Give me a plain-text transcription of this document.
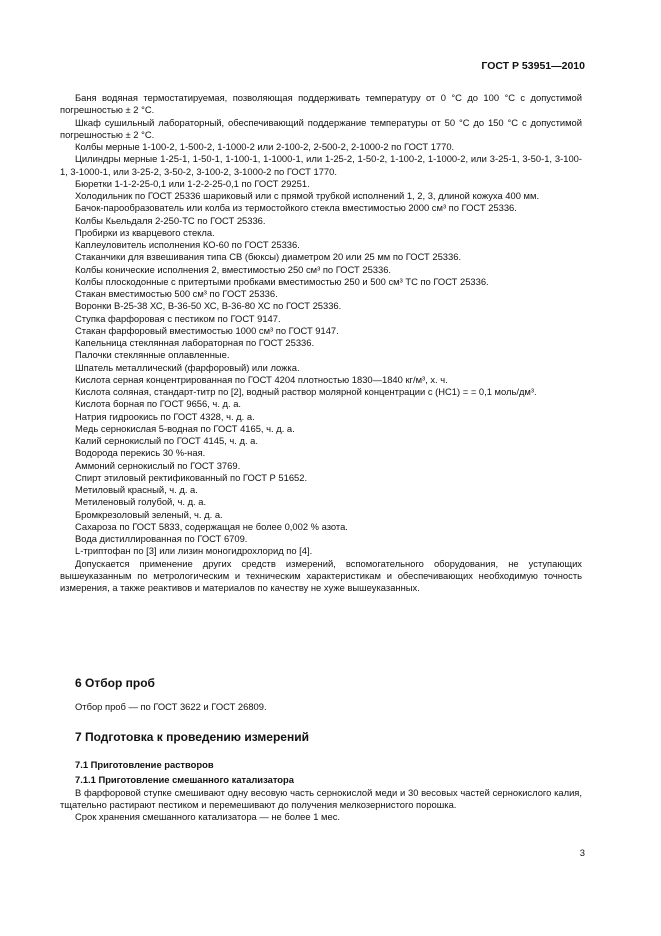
ГОСТ Р 53951—2010

Баня водяная термостатируемая, позволяющая поддерживать температуру от 0 °С до 100 °С с допустимой погрешностью ± 2 °С.

Шкаф сушильный лабораторный, обеспечивающий поддержание температуры от 50 °С до 150 °С с допустимой погрешностью ± 2 °С.

Колбы мерные 1-100-2, 1-500-2, 1-1000-2 или 2-100-2, 2-500-2, 2-1000-2 по ГОСТ 1770.

Цилиндры мерные 1-25-1, 1-50-1, 1-100-1, 1-1000-1, или 1-25-2, 1-50-2, 1-100-2, 1-1000-2, или 3-25-1, 3-50-1, 3-100-1, 3-1000-1, или 3-25-2, 3-50-2, 3-100-2, 3-1000-2 по ГОСТ 1770.

Бюретки 1-1-2-25-0,1 или 1-2-2-25-0,1 по ГОСТ 29251.

Холодильник по ГОСТ 25336 шариковый или с прямой трубкой исполнений 1, 2, 3, длиной кожуха 400 мм.

Бачок-парообразователь или колба из термостойкого стекла вместимостью 2000 см³ по ГОСТ 25336.

Колбы Кьельдаля 2-250-ТС по ГОСТ 25336.

Пробирки из кварцевого стекла.

Каплеуловитель исполнения КО-60 по ГОСТ 25336.

Стаканчики для взвешивания типа СВ (бюксы) диаметром 20 или 25 мм по ГОСТ 25336.

Колбы конические исполнения 2, вместимостью 250 см³ по ГОСТ 25336.

Колбы плоскодонные с притертыми пробками вместимостью 250 и 500 см³ ТС по ГОСТ 25336.

Стакан вместимостью 500 см³ по ГОСТ 25336.

Воронки В-25-38 ХС, В-36-50 ХС, В-36-80 ХС по ГОСТ 25336.

Ступка фарфоровая с пестиком по ГОСТ 9147.

Стакан фарфоровый вместимостью 1000 см³ по ГОСТ 9147.

Капельница стеклянная лабораторная по ГОСТ 25336.

Палочки стеклянные оплавленные.

Шпатель металлический (фарфоровый) или ложка.

Кислота серная концентрированная по ГОСТ 4204 плотностью 1830—1840 кг/м³, х. ч.

Кислота соляная, стандарт-титр по [2], водный раствор молярной концентрации с (НС1) = = 0,1 моль/дм³.

Кислота борная по ГОСТ 9656, ч. д. а.

Натрия гидроокись по ГОСТ 4328, ч. д. а.

Медь сернокислая 5-водная по ГОСТ 4165, ч. д. а.

Калий сернокислый по ГОСТ 4145, ч. д. а.

Водорода перекись 30 %-ная.

Аммоний сернокислый по ГОСТ 3769.

Спирт этиловый ректификованный по ГОСТ Р 51652.

Метиловый красный, ч. д. а.

Метиленовый голубой, ч. д. а.

Бромкрезоловый зеленый, ч. д. а.

Сахароза по ГОСТ 5833, содержащая не более 0,002 % азота.

Вода дистиллированная по ГОСТ 6709.

L-триптофан по [3] или лизин моногидрохлорид по [4].

Допускается применение других средств измерений, вспомогательного оборудования, не уступающих вышеуказанным по метрологическим и техническим характеристикам и обеспечивающих необходимую точность измерения, а также реактивов и материалов по качеству не хуже вышеуказанных.

6 Отбор проб

Отбор проб — по ГОСТ 3622 и ГОСТ 26809.

7 Подготовка к проведению измерений
7.1 Приготовление растворов
7.1.1 Приготовление смешанного катализатора

В фарфоровой ступке смешивают одну весовую часть сернокислой меди и 30 весовых частей сернокислого калия, тщательно растирают пестиком и перемешивают до получения мелкозернистого порошка.

Срок хранения смешанного катализатора — не более 1 мес.

3
